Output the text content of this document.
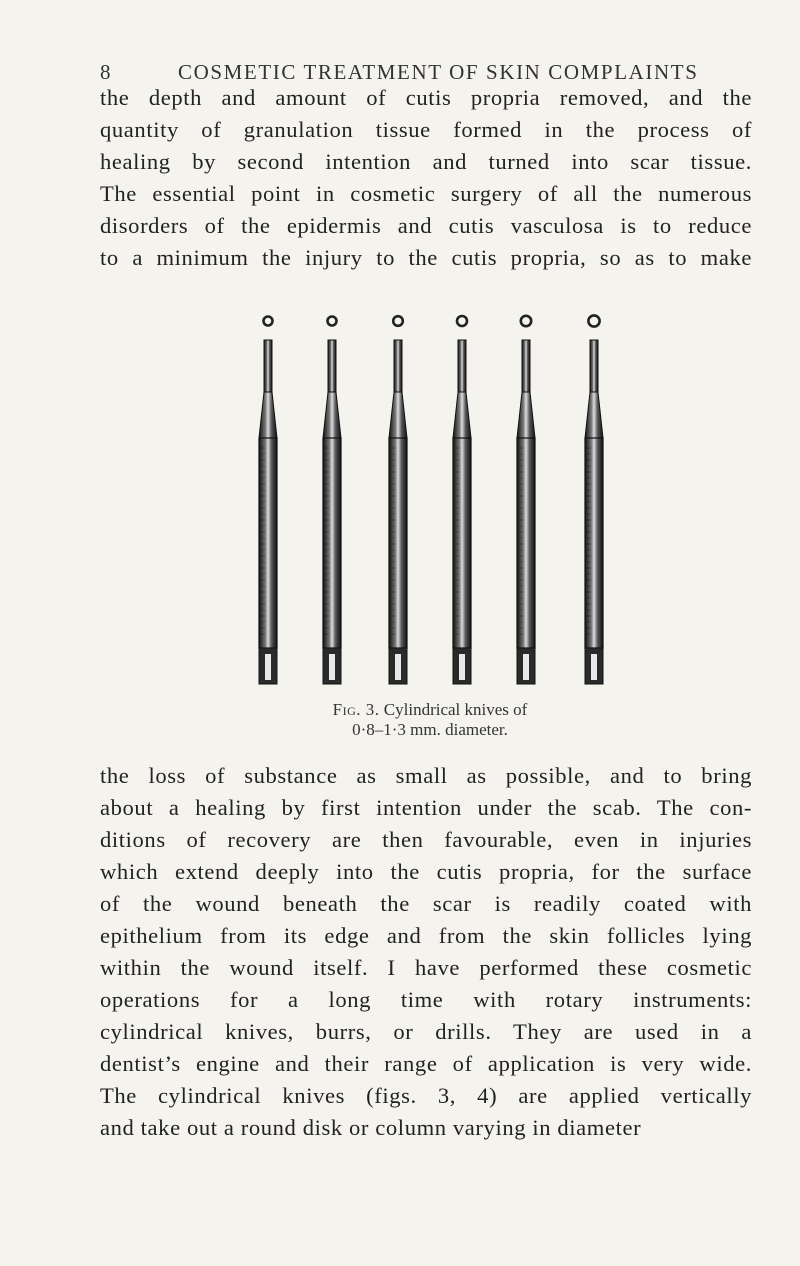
8	COSMETIC TREATMENT OF SKIN COMPLAINTS
the depth and amount of cutis propria removed, and the
quantity of granulation tissue formed in the process of
healing by second intention and turned into scar tissue.
The essential point in cosmetic surgery of all the numerous
disorders of the epidermis and cutis vasculosa is to reduce
to a minimum the injury to the cutis propria, so as to make
Fig. 3. Cylindrical knives of
0·8–1·3 mm. diameter.
the loss of substance as small as possible, and to bring
about a healing by first intention under the scab. The con-
ditions of recovery are then favourable, even in injuries
which extend deeply into the cutis propria, for the surface
of the wound beneath the scar is readily coated with
epithelium from its edge and from the skin follicles lying
within the wound itself. I have performed these cosmetic
operations for a long time with rotary instruments:
cylindrical knives, burrs, or drills. They are used in a
dentist’s engine and their range of application is very wide.
The cylindrical knives (figs. 3, 4) are applied vertically
and take out a round disk or column varying in diameter
